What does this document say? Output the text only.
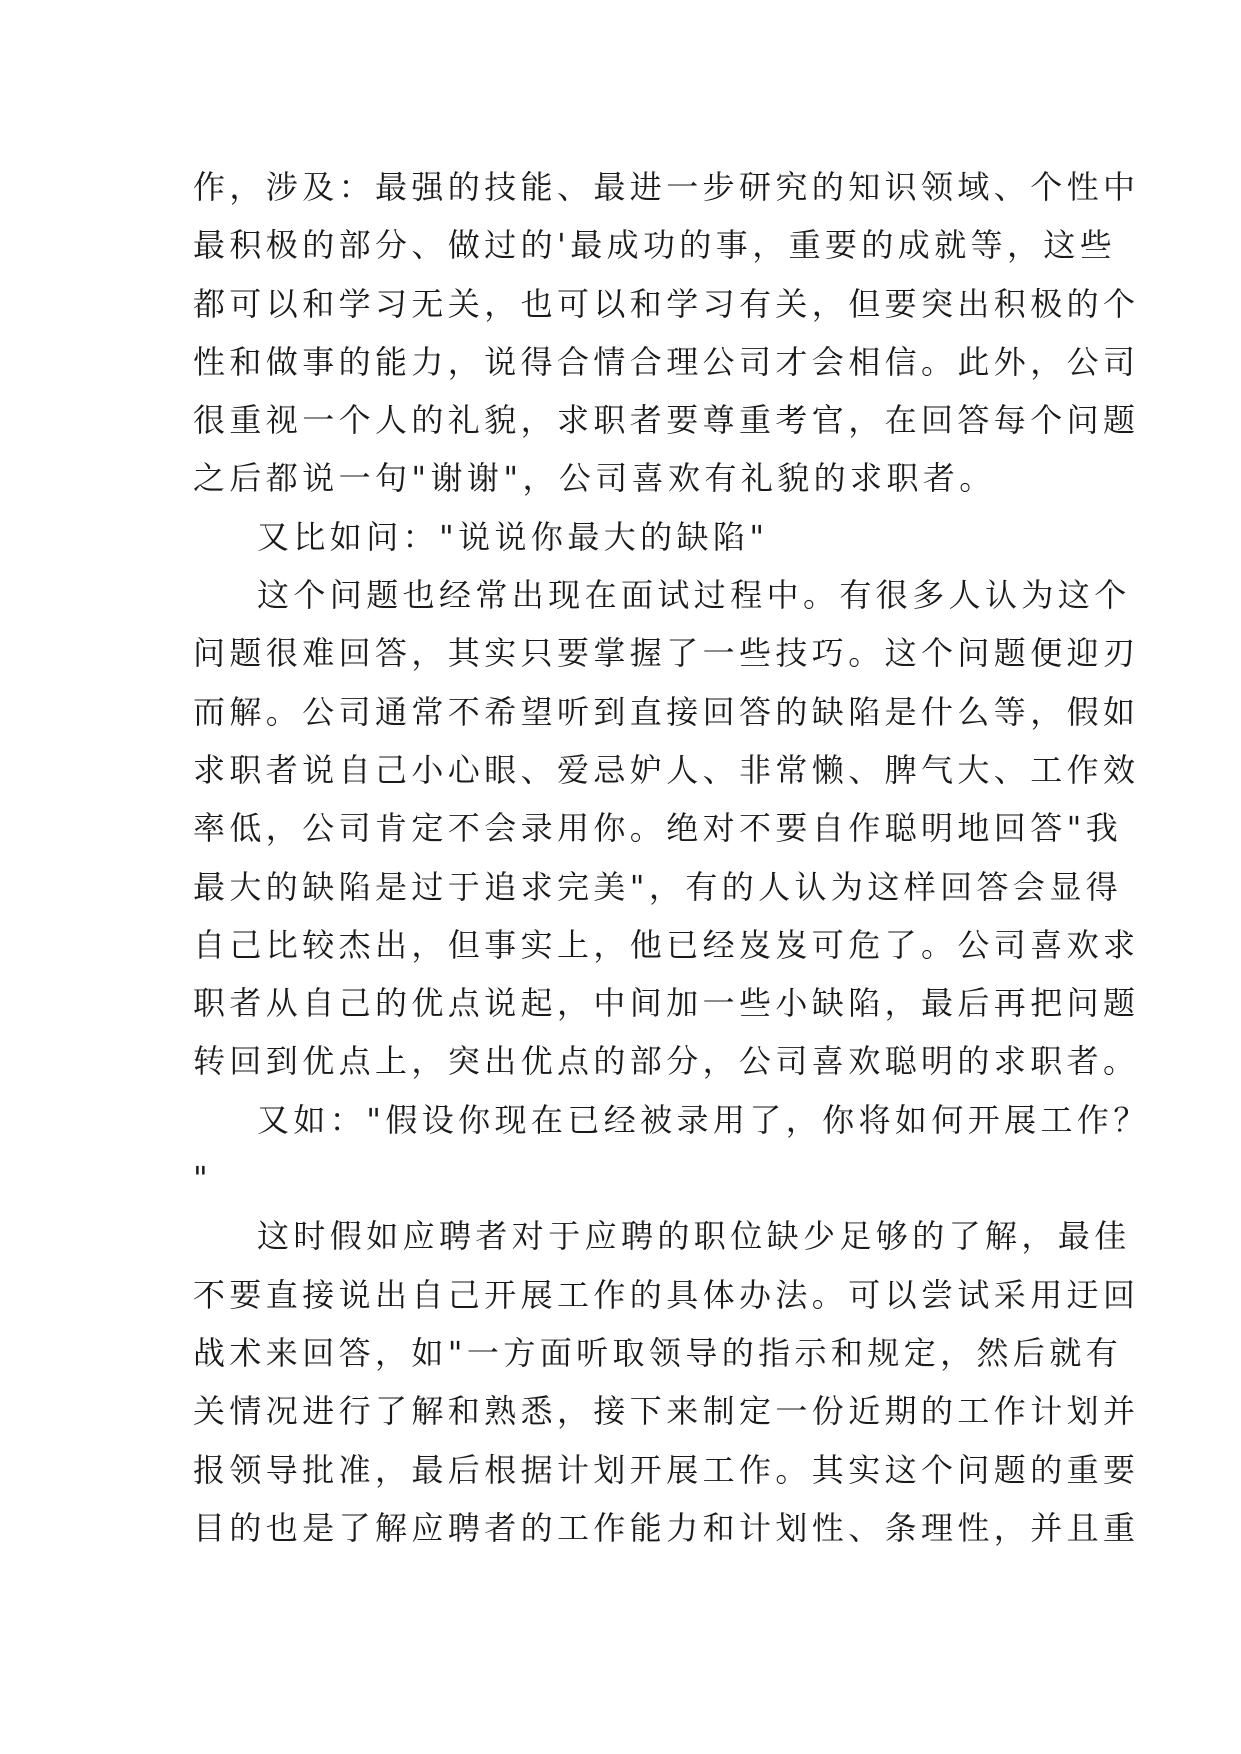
作，涉及：最强的技能、最进一步研究的知识领域、个性中
最积极的部分、做过的'最成功的事，重要的成就等，这些
都可以和学习无关，也可以和学习有关，但要突出积极的个
性和做事的能力，说得合情合理公司才会相信。此外，公司
很重视一个人的礼貌，求职者要尊重考官，在回答每个问题
之后都说一句"谢谢"，公司喜欢有礼貌的求职者。
又比如问："说说你最大的缺陷"
这个问题也经常出现在面试过程中。有很多人认为这个
问题很难回答，其实只要掌握了一些技巧。这个问题便迎刃
而解。公司通常不希望听到直接回答的缺陷是什么等，假如
求职者说自己小心眼、爱忌妒人、非常懒、脾气大、工作效
率低，公司肯定不会录用你。绝对不要自作聪明地回答"我
最大的缺陷是过于追求完美"，有的人认为这样回答会显得
自己比较杰出，但事实上，他已经岌岌可危了。公司喜欢求
职者从自己的优点说起，中间加一些小缺陷，最后再把问题
转回到优点上，突出优点的部分，公司喜欢聪明的求职者。
又如："假设你现在已经被录用了，你将如何开展工作？
"
这时假如应聘者对于应聘的职位缺少足够的了解，最佳
不要直接说出自己开展工作的具体办法。可以尝试采用迂回
战术来回答，如"一方面听取领导的指示和规定，然后就有
关情况进行了解和熟悉，接下来制定一份近期的工作计划并
报领导批准，最后根据计划开展工作。其实这个问题的重要
目的也是了解应聘者的工作能力和计划性、条理性，并且重
